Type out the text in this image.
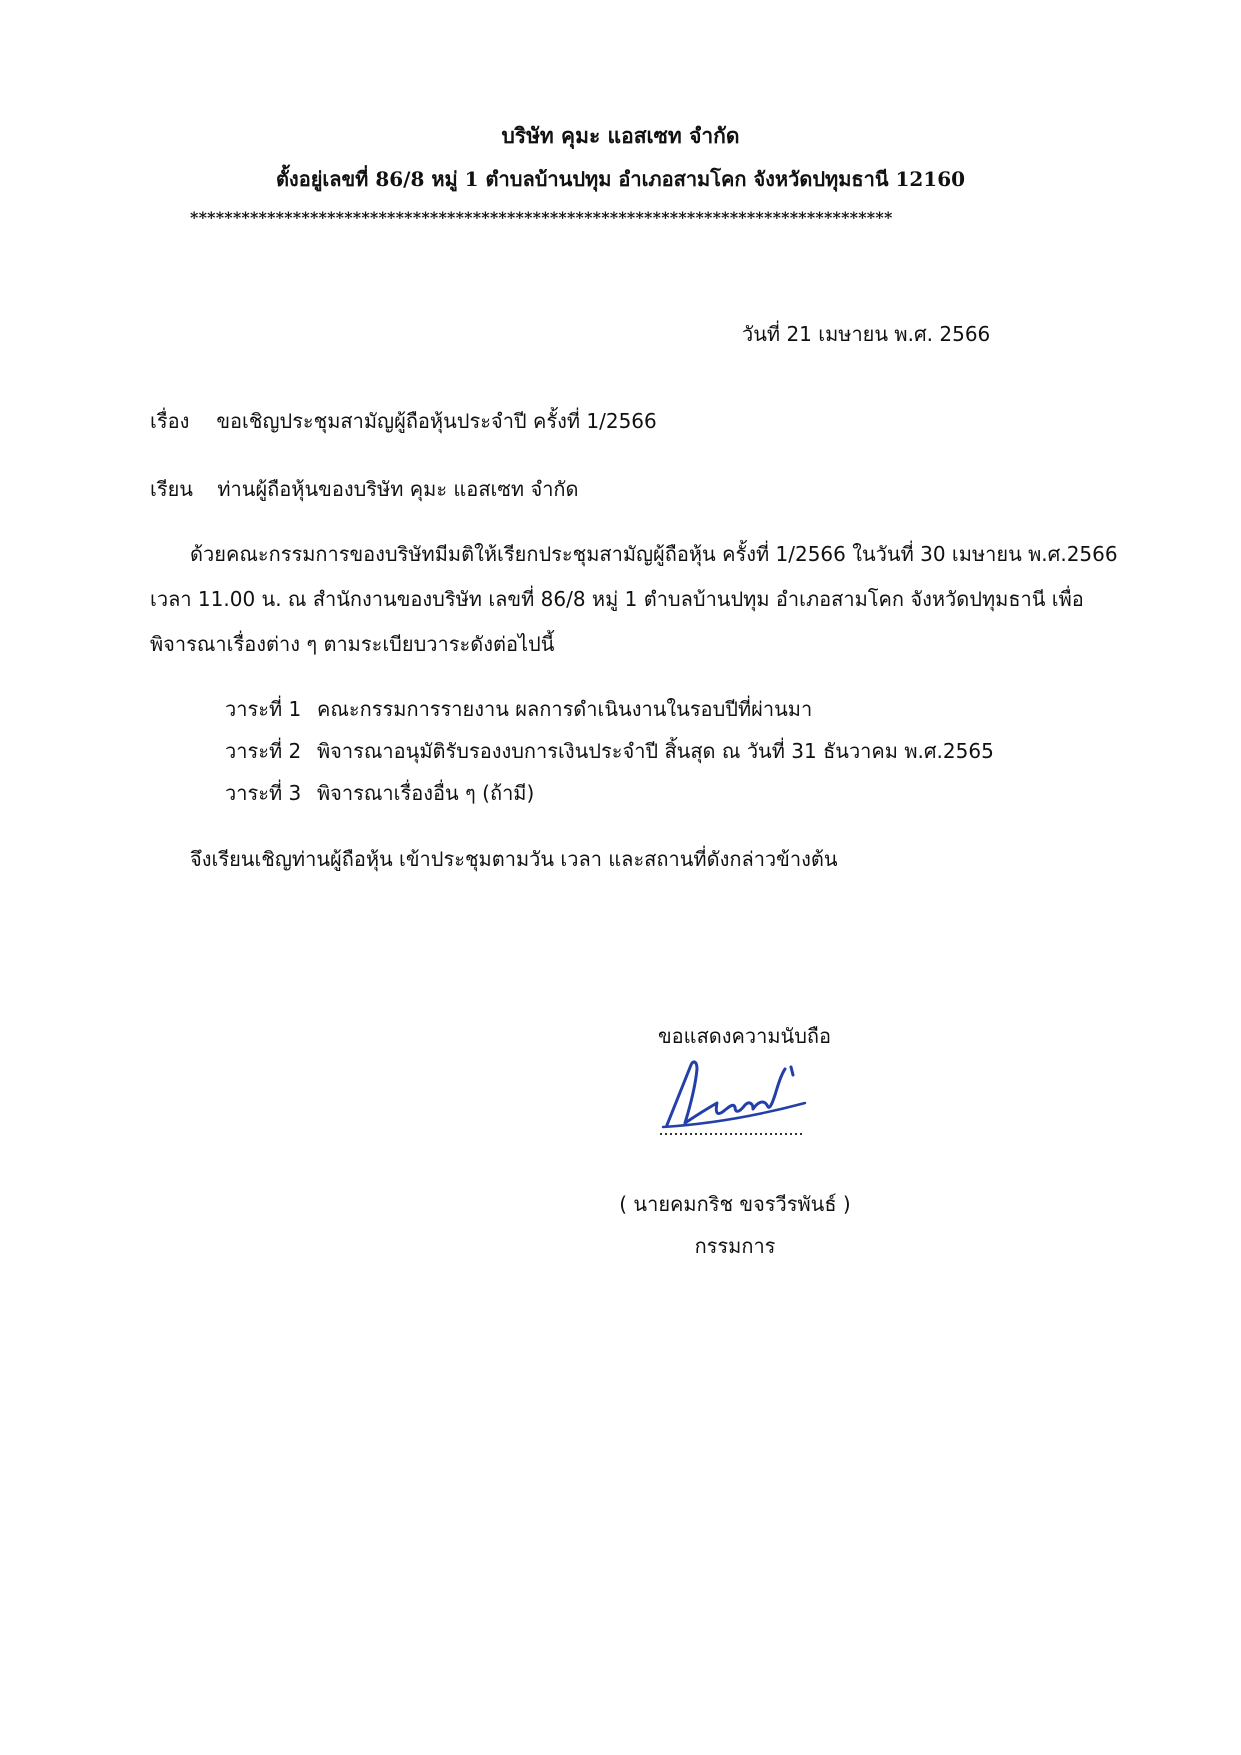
บริษัท คุมะ แอสเซท จำกัด
ตั้งอยู่เลขที่ 86/8 หมู่ 1 ตำบลบ้านปทุม อำเภอสามโคก จังหวัดปทุมธานี 12160
**********************************************************************************
วันที่ 21 เมษายน พ.ศ. 2566
เรื่อง ขอเชิญประชุมสามัญผู้ถือหุ้นประจำปี ครั้งที่ 1/2566
เรียน ท่านผู้ถือหุ้นของบริษัท คุมะ แอสเซท จำกัด
ด้วยคณะกรรมการของบริษัทมีมติให้เรียกประชุมสามัญผู้ถือหุ้น ครั้งที่ 1/2566 ในวันที่ 30 เมษายน พ.ศ.2566
เวลา 11.00 น. ณ สำนักงานของบริษัท เลขที่ 86/8 หมู่ 1 ตำบลบ้านปทุม อำเภอสามโคก จังหวัดปทุมธานี เพื่อ
พิจารณาเรื่องต่าง ๆ ตามระเบียบวาระดังต่อไปนี้
วาระที่ 1 คณะกรรมการรายงาน ผลการดำเนินงานในรอบปีที่ผ่านมา
วาระที่ 2 พิจารณาอนุมัติรับรองงบการเงินประจำปี สิ้นสุด ณ วันที่ 31 ธันวาคม พ.ศ.2565
วาระที่ 3 พิจารณาเรื่องอื่น ๆ (ถ้ามี)
จึงเรียนเชิญท่านผู้ถือหุ้น เข้าประชุมตามวัน เวลา และสถานที่ดังกล่าวข้างต้น
ขอแสดงความนับถือ
( นายคมกริช ขจรวีรพันธ์ )
กรรมการ
